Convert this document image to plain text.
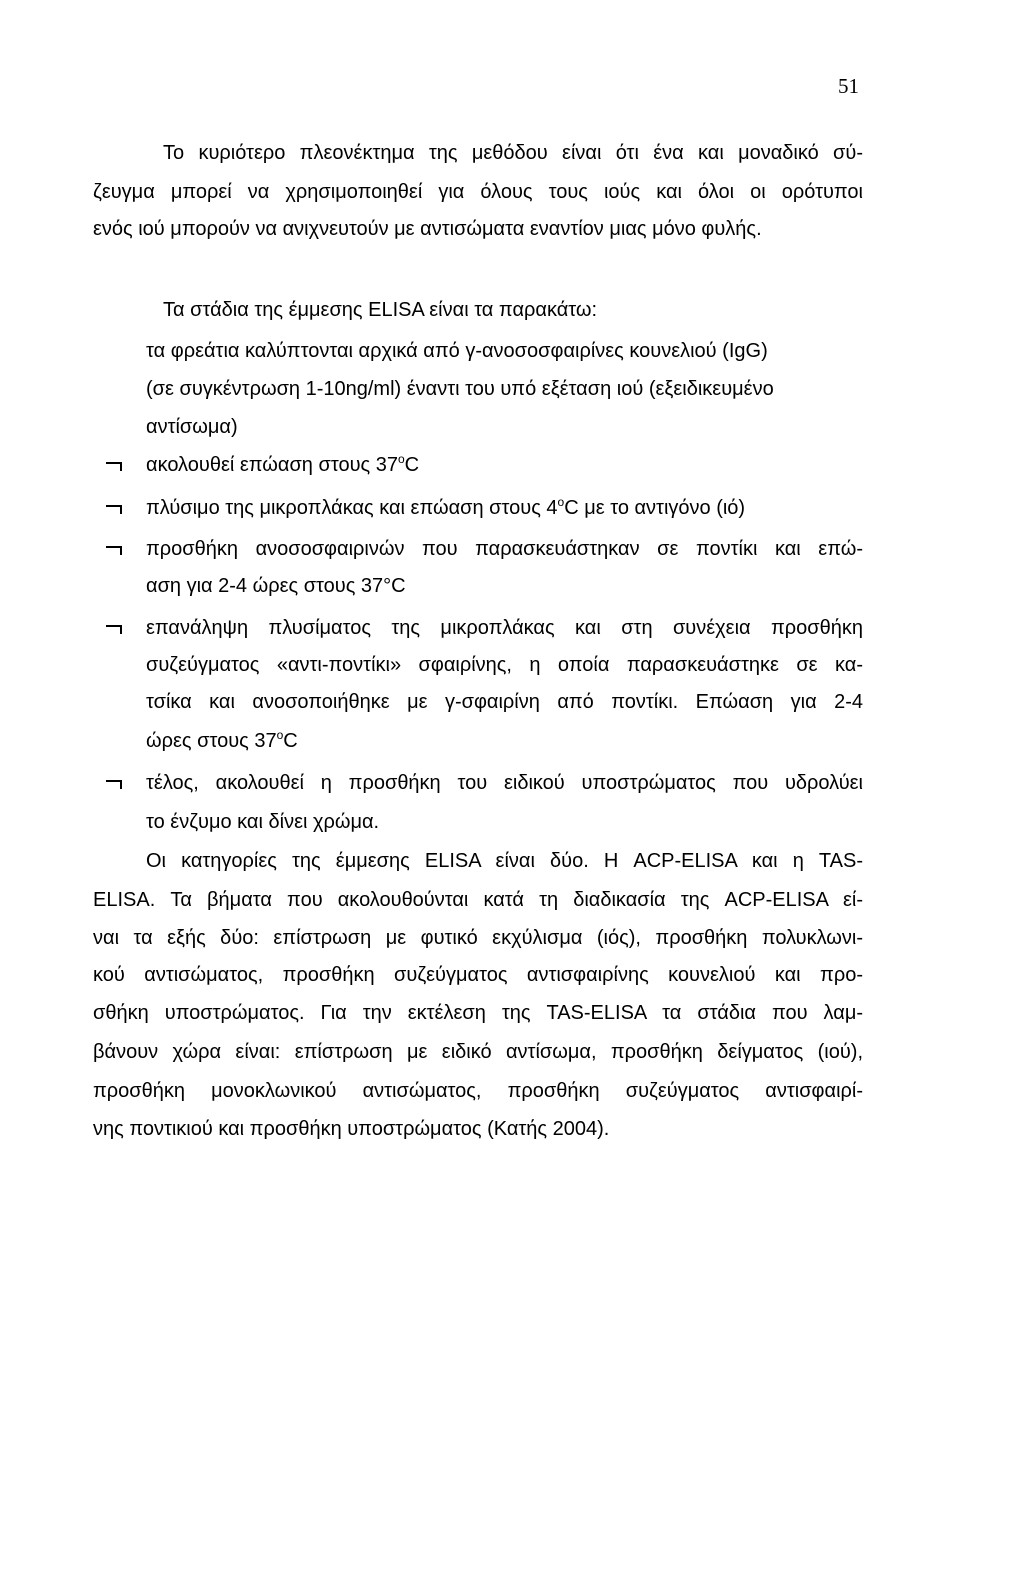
51
Το κυριότερο πλεονέκτημα της μεθόδου είναι ότι ένα και μοναδικό σύ-
ζευγμα μπορεί να χρησιμοποιηθεί για όλους τους ιούς και όλοι οι ορότυποι
ενός ιού μπορούν να ανιχνευτούν με αντισώματα εναντίον μιας μόνο φυλής.
Τα στάδια της έμμεσης ELISA είναι τα παρακάτω:
τα φρεάτια καλύπτονται αρχικά από γ-ανοσοσφαιρίνες κουνελιού (IgG)
(σε συγκέντρωση 1-10ng/ml) έναντι του υπό εξέταση ιού (εξειδικευμένο
αντίσωμα)
ακολουθεί επώαση στους $37^oC$
πλύσιμο της μικροπλάκας και επώαση στους $4^oC$ με το αντιγόνο (ιό)
προσθήκη ανοσοσφαιρινών που παρασκευάστηκαν σε ποντίκι και επώ-
αση για 2-4 ώρες στους 37°C
επανάληψη πλυσίματος της μικροπλάκας και στη συνέχεια προσθήκη
συζεύγματος «αντι-ποντίκι» σφαιρίνης, η οποία παρασκευάστηκε σε κα-
τσίκα και ανοσοποιήθηκε με γ-σφαιρίνη από ποντίκι. Επώαση για 2-4
ώρες στους $37^oC$
τέλος, ακολουθεί η προσθήκη του ειδικού υποστρώματος που υδρολύει
το ένζυμο και δίνει χρώμα.
Οι κατηγορίες της έμμεσης ELISA είναι δύο. Η ACP-ELISA και η TAS-
ELISA. Τα βήματα που ακολουθούνται κατά τη διαδικασία της ACP-ELISA εί-
ναι τα εξής δύο: επίστρωση με φυτικό εκχύλισμα (ιός), προσθήκη πολυκλωνι-
κού αντισώματος, προσθήκη συζεύγματος αντισφαιρίνης κουνελιού και προ-
σθήκη υποστρώματος. Για την εκτέλεση της TAS-ELISA τα στάδια που λαμ-
βάνουν χώρα είναι: επίστρωση με ειδικό αντίσωμα, προσθήκη δείγματος (ιού),
προσθήκη μονοκλωνικού αντισώματος, προσθήκη συζεύγματος αντισφαιρί-
νης ποντικιού και προσθήκη υποστρώματος (Κατής 2004).
